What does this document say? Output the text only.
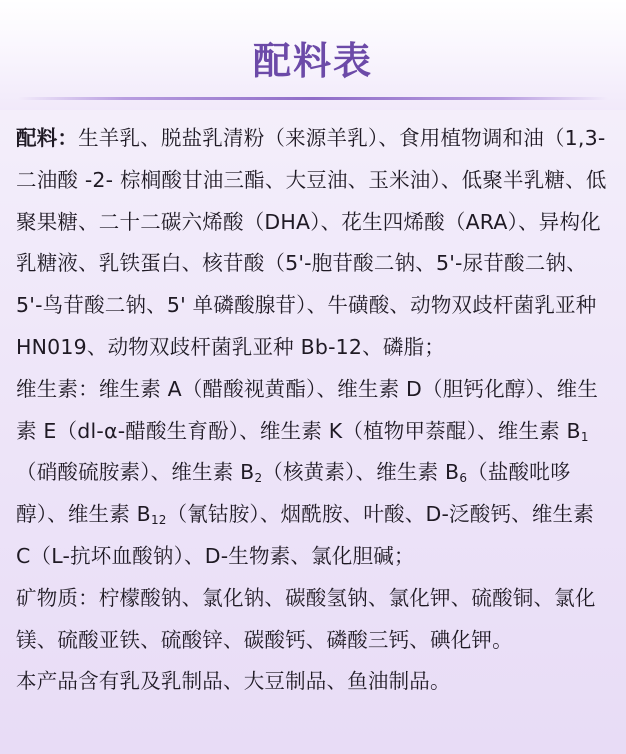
配料表

配料：生羊乳、脱盐乳清粉（来源羊乳）、食用植物调和油（1,3-二油酸 -2- 棕榈酸甘油三酯、大豆油、玉米油）、低聚半乳糖、低聚果糖、二十二碳六烯酸（DHA）、花生四烯酸（ARA）、异构化乳糖液、乳铁蛋白、核苷酸（5'-胞苷酸二钠、5'-尿苷酸二钠、5'-鸟苷酸二钠、5' 单磷酸腺苷）、牛磺酸、动物双歧杆菌乳亚种 HN019、动物双歧杆菌乳亚种 Bb-12、磷脂；

维生素：维生素 A（醋酸视黄酯）、维生素 D（胆钙化醇）、维生素 E（dl-α-醋酸生育酚）、维生素 K（植物甲萘醌）、维生素 $B_1$（硝酸硫胺素）、维生素 $B_2$（核黄素）、维生素 $B_6$（盐酸吡哆醇）、维生素 $B_{12}$（氰钴胺）、烟酰胺、叶酸、D-泛酸钙、维生素 C（L-抗坏血酸钠）、D-生物素、氯化胆碱；

矿物质：柠檬酸钠、氯化钠、碳酸氢钠、氯化钾、硫酸铜、氯化镁、硫酸亚铁、硫酸锌、碳酸钙、磷酸三钙、碘化钾。

本产品含有乳及乳制品、大豆制品、鱼油制品。
